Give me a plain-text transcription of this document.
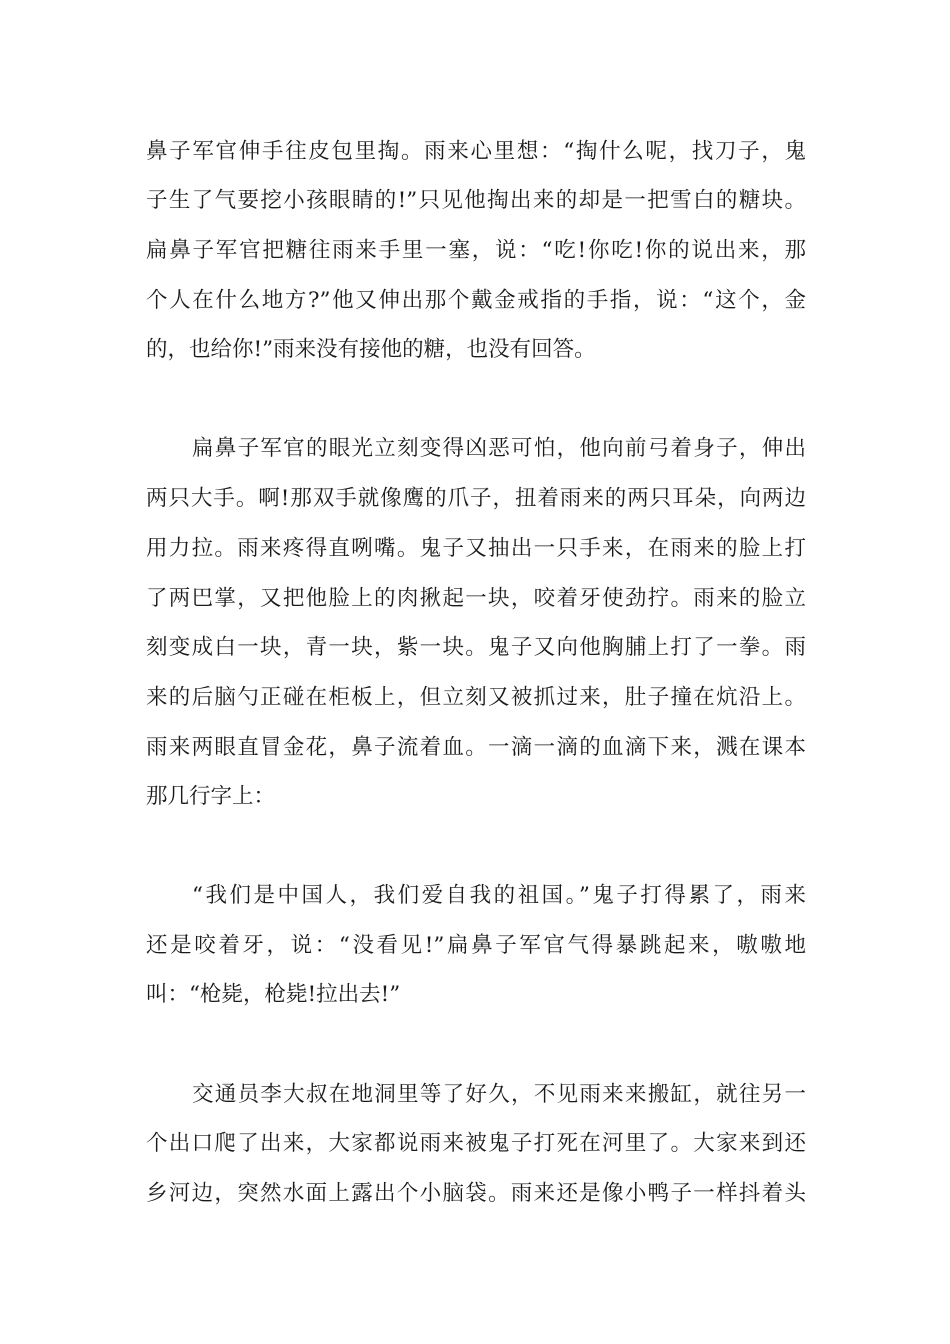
鼻子军官伸手往皮包里掏。雨来心里想：“掏什么呢，找刀子，鬼
子生了气要挖小孩眼睛的!”只见他掏出来的却是一把雪白的糖块。
扁鼻子军官把糖往雨来手里一塞，说：“吃!你吃!你的说出来，那
个人在什么地方?”他又伸出那个戴金戒指的手指，说：“这个，金
的，也给你!”雨来没有接他的糖，也没有回答。
扁鼻子军官的眼光立刻变得凶恶可怕，他向前弓着身子，伸出
两只大手。啊!那双手就像鹰的爪子，扭着雨来的两只耳朵，向两边
用力拉。雨来疼得直咧嘴。鬼子又抽出一只手来，在雨来的脸上打
了两巴掌，又把他脸上的肉揪起一块，咬着牙使劲拧。雨来的脸立
刻变成白一块，青一块，紫一块。鬼子又向他胸脯上打了一拳。雨
来的后脑勺正碰在柜板上，但立刻又被抓过来，肚子撞在炕沿上。
雨来两眼直冒金花，鼻子流着血。一滴一滴的血滴下来，溅在课本
那几行字上：
“我们是中国人，我们爱自我的祖国。”鬼子打得累了，雨来
还是咬着牙，说：“没看见!”扁鼻子军官气得暴跳起来，嗷嗷地
叫：“枪毙，枪毙!拉出去!”
交通员李大叔在地洞里等了好久，不见雨来来搬缸，就往另一
个出口爬了出来，大家都说雨来被鬼子打死在河里了。大家来到还
乡河边，突然水面上露出个小脑袋。雨来还是像小鸭子一样抖着头
